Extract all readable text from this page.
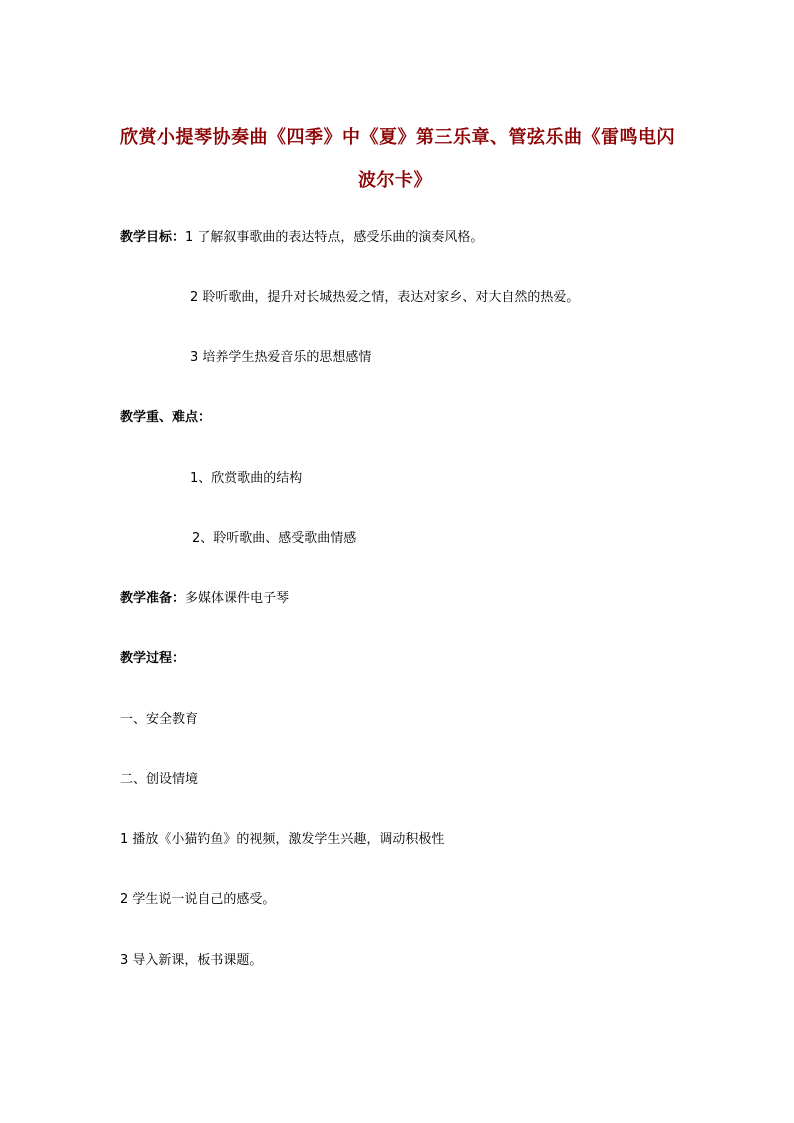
欣赏小提琴协奏曲《四季》中《夏》第三乐章、管弦乐曲《雷鸣电闪
波尔卡》
教学目标：1 了解叙事歌曲的表达特点，感受乐曲的演奏风格。
2 聆听歌曲，提升对长城热爱之情，表达对家乡、对大自然的热爱。
3 培养学生热爱音乐的思想感情
教学重、难点：
1、欣赏歌曲的结构
2、聆听歌曲、感受歌曲情感
教学准备：多媒体课件电子琴
教学过程：
一、安全教育
二、创设情境
1 播放《小猫钓鱼》的视频，激发学生兴趣，调动积极性
2 学生说一说自己的感受。
3 导入新课，板书课题。
